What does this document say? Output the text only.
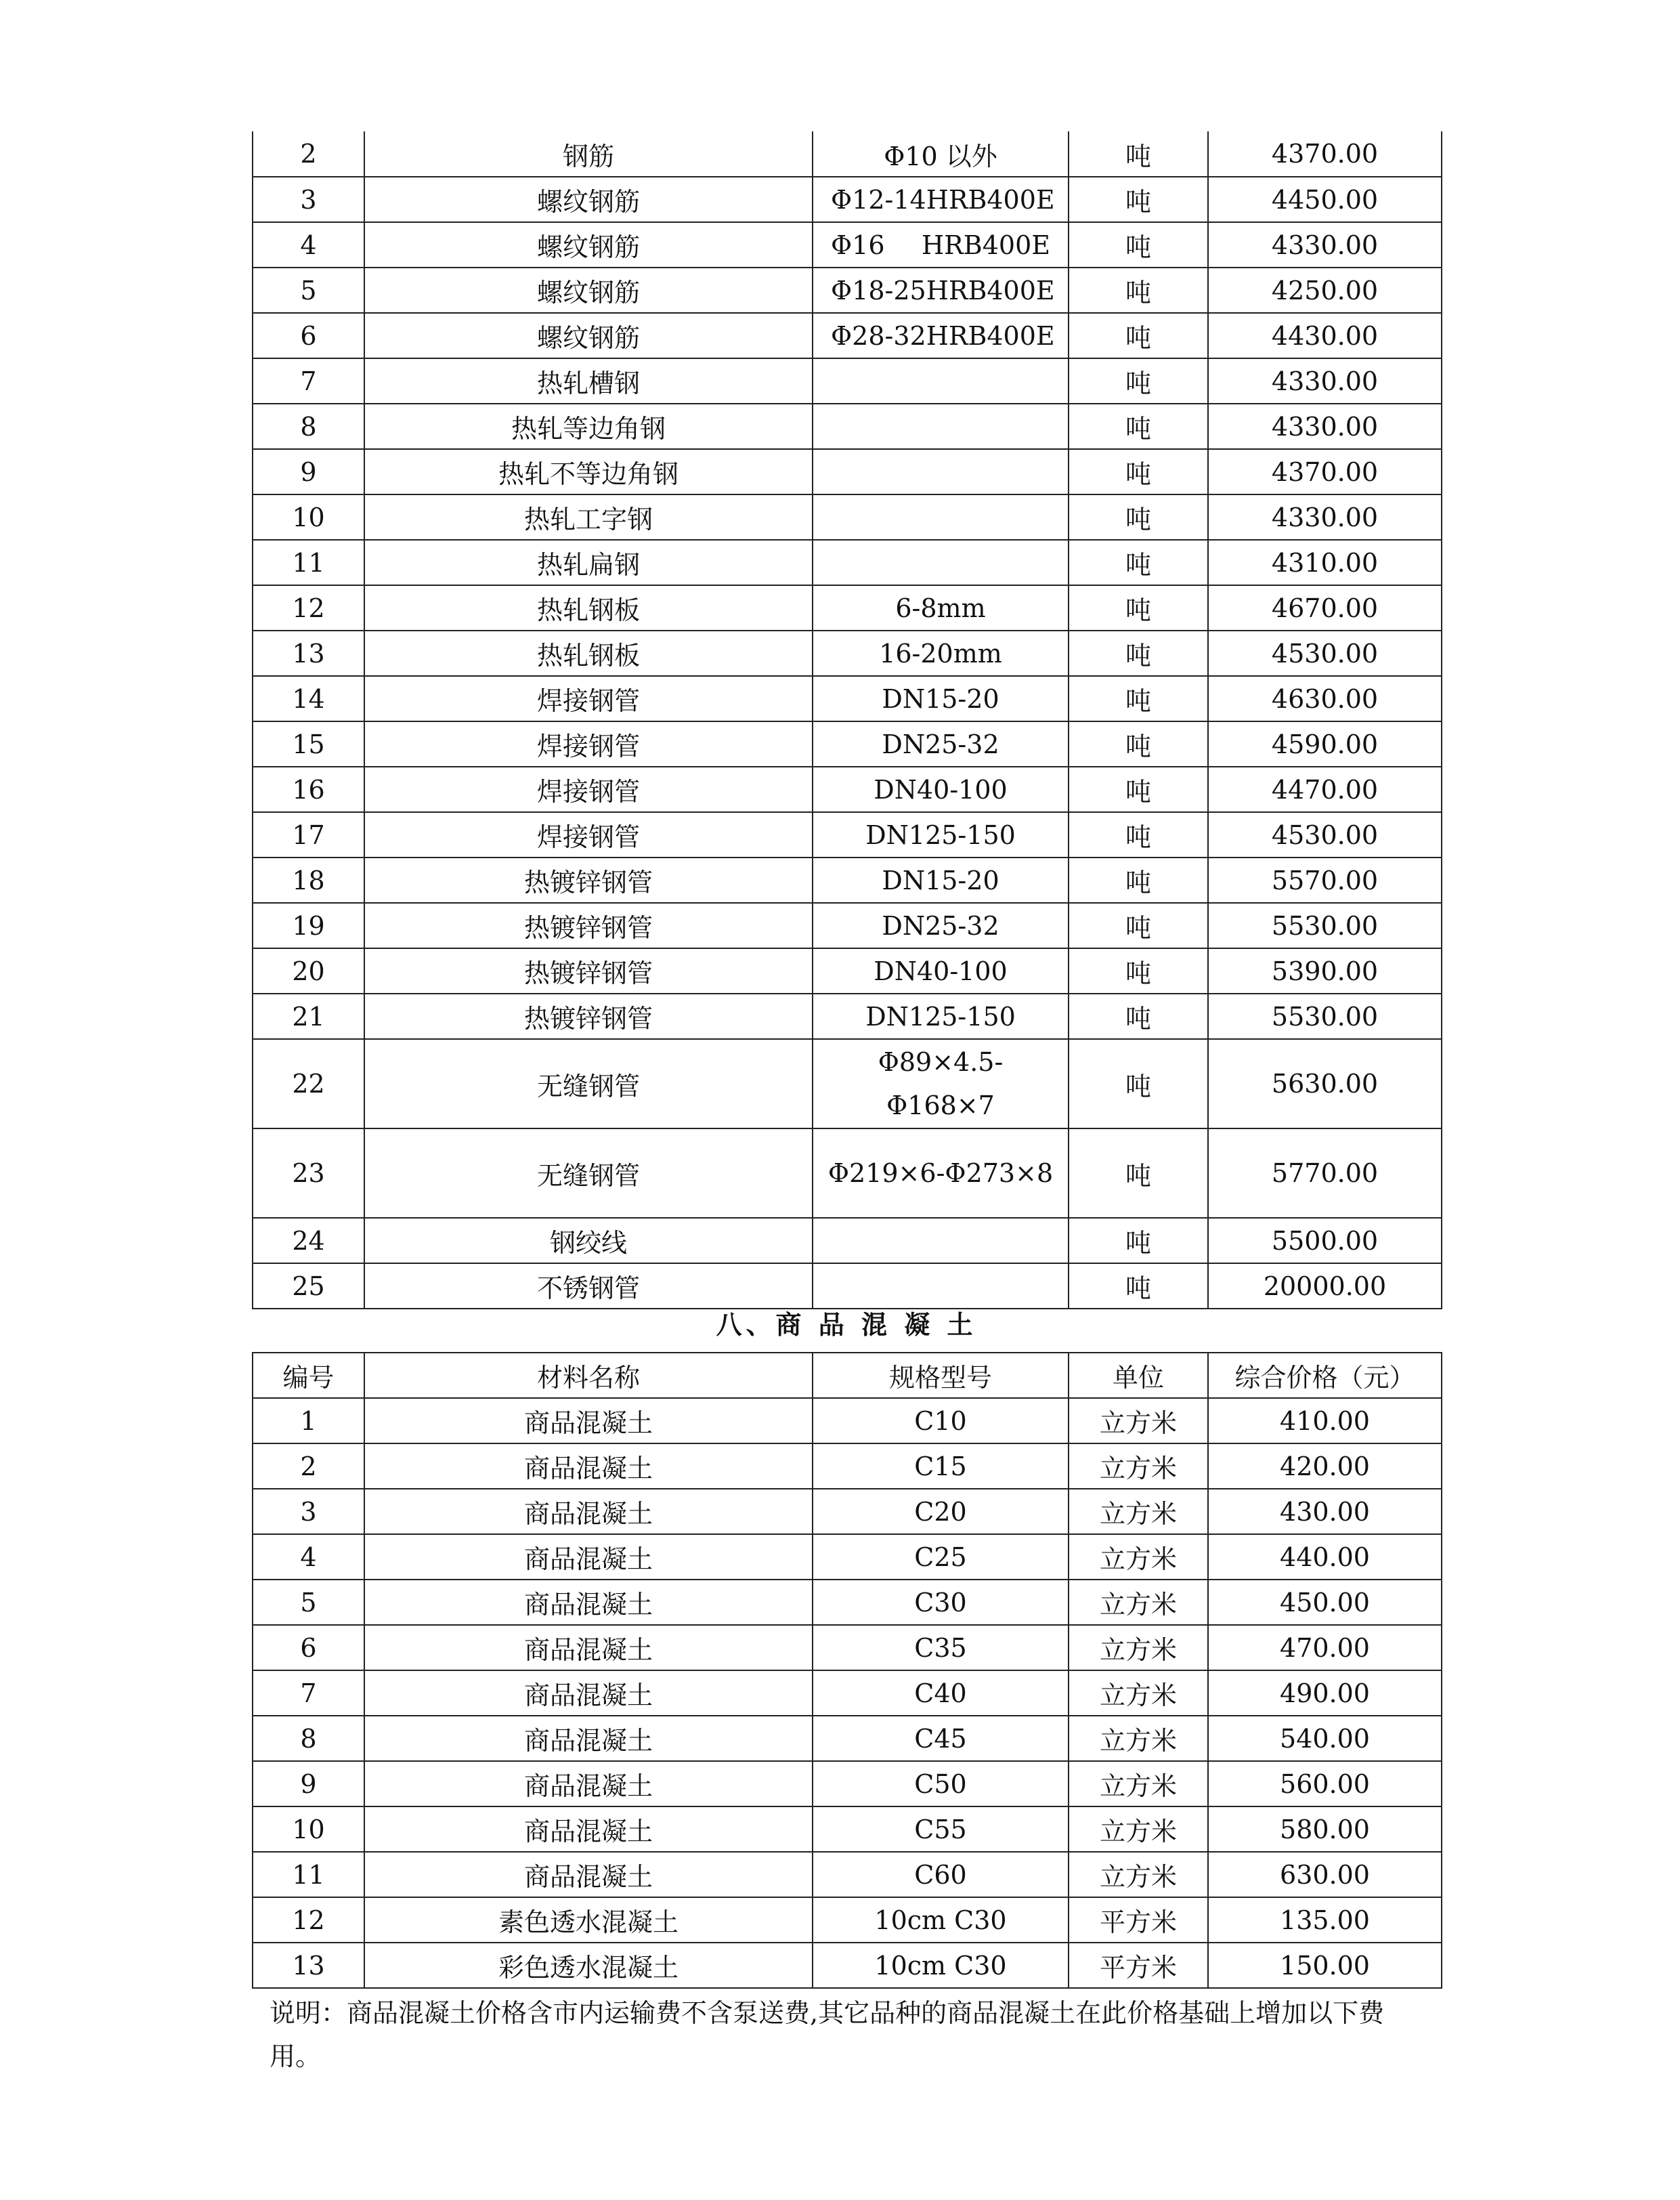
2	钢筋	Φ10 以外	吨	4370.00
3	螺纹钢筋	Φ12-14 HRB400E	吨	4450.00
4	螺纹钢筋	Φ16 HRB400E	吨	4330.00
5	螺纹钢筋	Φ18-25 HRB400E	吨	4250.00
6	螺纹钢筋	Φ28-32 HRB400E	吨	4430.00
7	热轧槽钢		吨	4330.00
8	热轧等边角钢		吨	4330.00
9	热轧不等边角钢		吨	4370.00
10	热轧工字钢		吨	4330.00
11	热轧扁钢		吨	4310.00
12	热轧钢板	6-8mm	吨	4670.00
13	热轧钢板	16-20mm	吨	4530.00
14	焊接钢管	DN15-20	吨	4630.00
15	焊接钢管	DN25-32	吨	4590.00
16	焊接钢管	DN40-100	吨	4470.00
17	焊接钢管	DN125-150	吨	4530.00
18	热镀锌钢管	DN15-20	吨	5570.00
19	热镀锌钢管	DN25-32	吨	5530.00
20	热镀锌钢管	DN40-100	吨	5390.00
21	热镀锌钢管	DN125-150	吨	5530.00
22	无缝钢管	Φ89×4.5-Φ168×7	吨	5630.00
23	无缝钢管	Φ219×6-Φ273×8	吨	5770.00
24	钢绞线		吨	5500.00
25	不锈钢管		吨	20000.00
八、商 品 混 凝 土
编号	材料名称	规格型号	单位	综合价格（元）
1	商品混凝土	C10	立方米	410.00
2	商品混凝土	C15	立方米	420.00
3	商品混凝土	C20	立方米	430.00
4	商品混凝土	C25	立方米	440.00
5	商品混凝土	C30	立方米	450.00
6	商品混凝土	C35	立方米	470.00
7	商品混凝土	C40	立方米	490.00
8	商品混凝土	C45	立方米	540.00
9	商品混凝土	C50	立方米	560.00
10	商品混凝土	C55	立方米	580.00
11	商品混凝土	C60	立方米	630.00
12	素色透水混凝土	10cm C30	平方米	135.00
13	彩色透水混凝土	10cm C30	平方米	150.00
说明：商品混凝土价格含市内运输费不含泵送费,其它品种的商品混凝土在此价格基础上增加以下费用。
